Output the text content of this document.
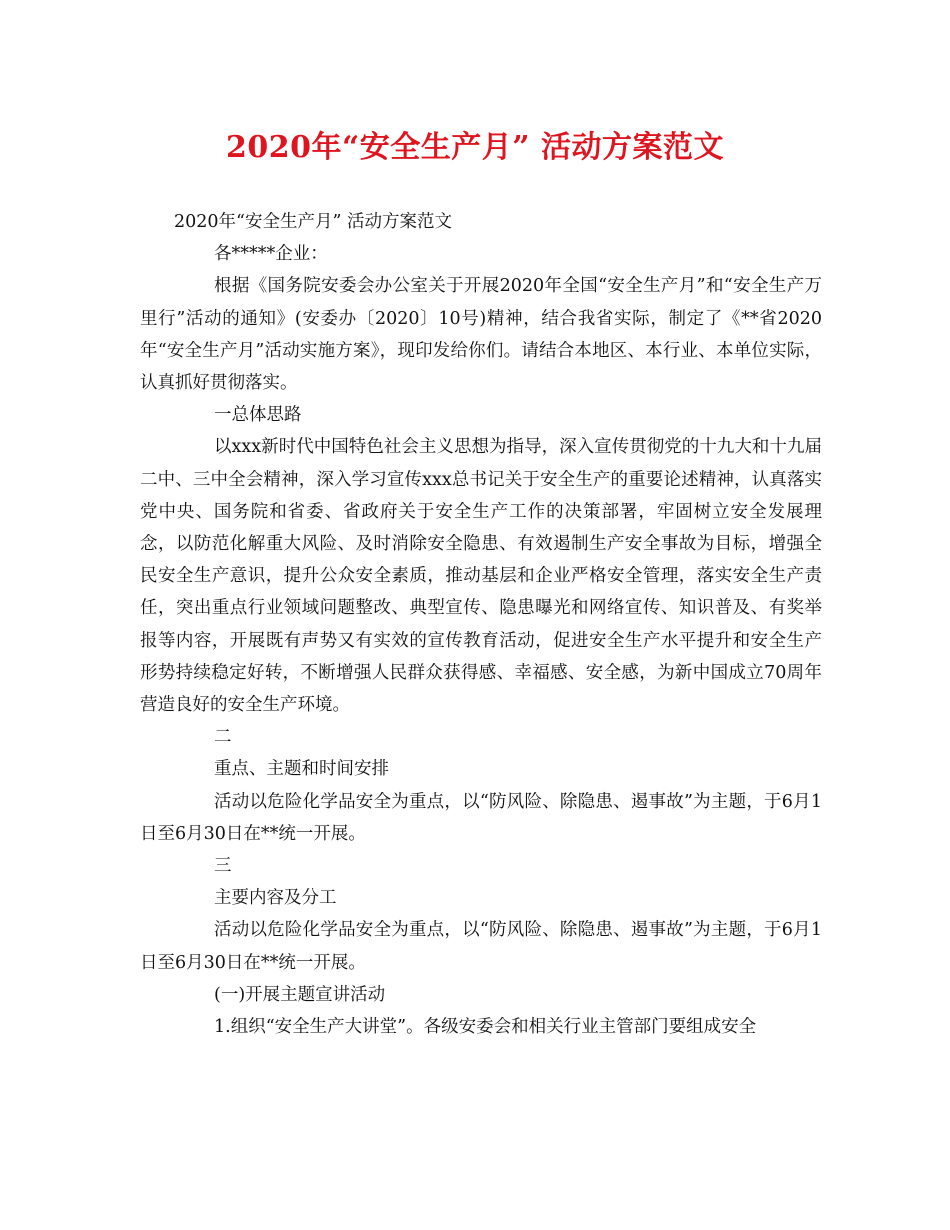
2020年“安全生产月” 活动方案范文

2020年“安全生产月” 活动方案范文

各*****企业：

根据《国务院安委会办公室关于开展2020年全国“安全生产月”和“安全生产万里行”活动的通知》(安委办〔2020〕10号)精神，结合我省实际，制定了《**省2020年“安全生产月”活动实施方案》，现印发给你们。请结合本地区、本行业、本单位实际，认真抓好贯彻落实。

一总体思路

以xxx新时代中国特色社会主义思想为指导，深入宣传贯彻党的十九大和十九届二中、三中全会精神，深入学习宣传xxx总书记关于安全生产的重要论述精神，认真落实党中央、国务院和省委、省政府关于安全生产工作的决策部署，牢固树立安全发展理念，以防范化解重大风险、及时消除安全隐患、有效遏制生产安全事故为目标，增强全民安全生产意识，提升公众安全素质，推动基层和企业严格安全管理，落实安全生产责任，突出重点行业领域问题整改、典型宣传、隐患曝光和网络宣传、知识普及、有奖举报等内容，开展既有声势又有实效的宣传教育活动，促进安全生产水平提升和安全生产形势持续稳定好转，不断增强人民群众获得感、幸福感、安全感，为新中国成立70周年营造良好的安全生产环境。

二

重点、主题和时间安排

活动以危险化学品安全为重点，以“防风险、除隐患、遏事故”为主题，于6月1日至6月30日在**统一开展。

三

主要内容及分工

活动以危险化学品安全为重点，以“防风险、除隐患、遏事故”为主题，于6月1日至6月30日在**统一开展。

(一)开展主题宣讲活动

1.组织“安全生产大讲堂”。各级安委会和相关行业主管部门要组成安全
